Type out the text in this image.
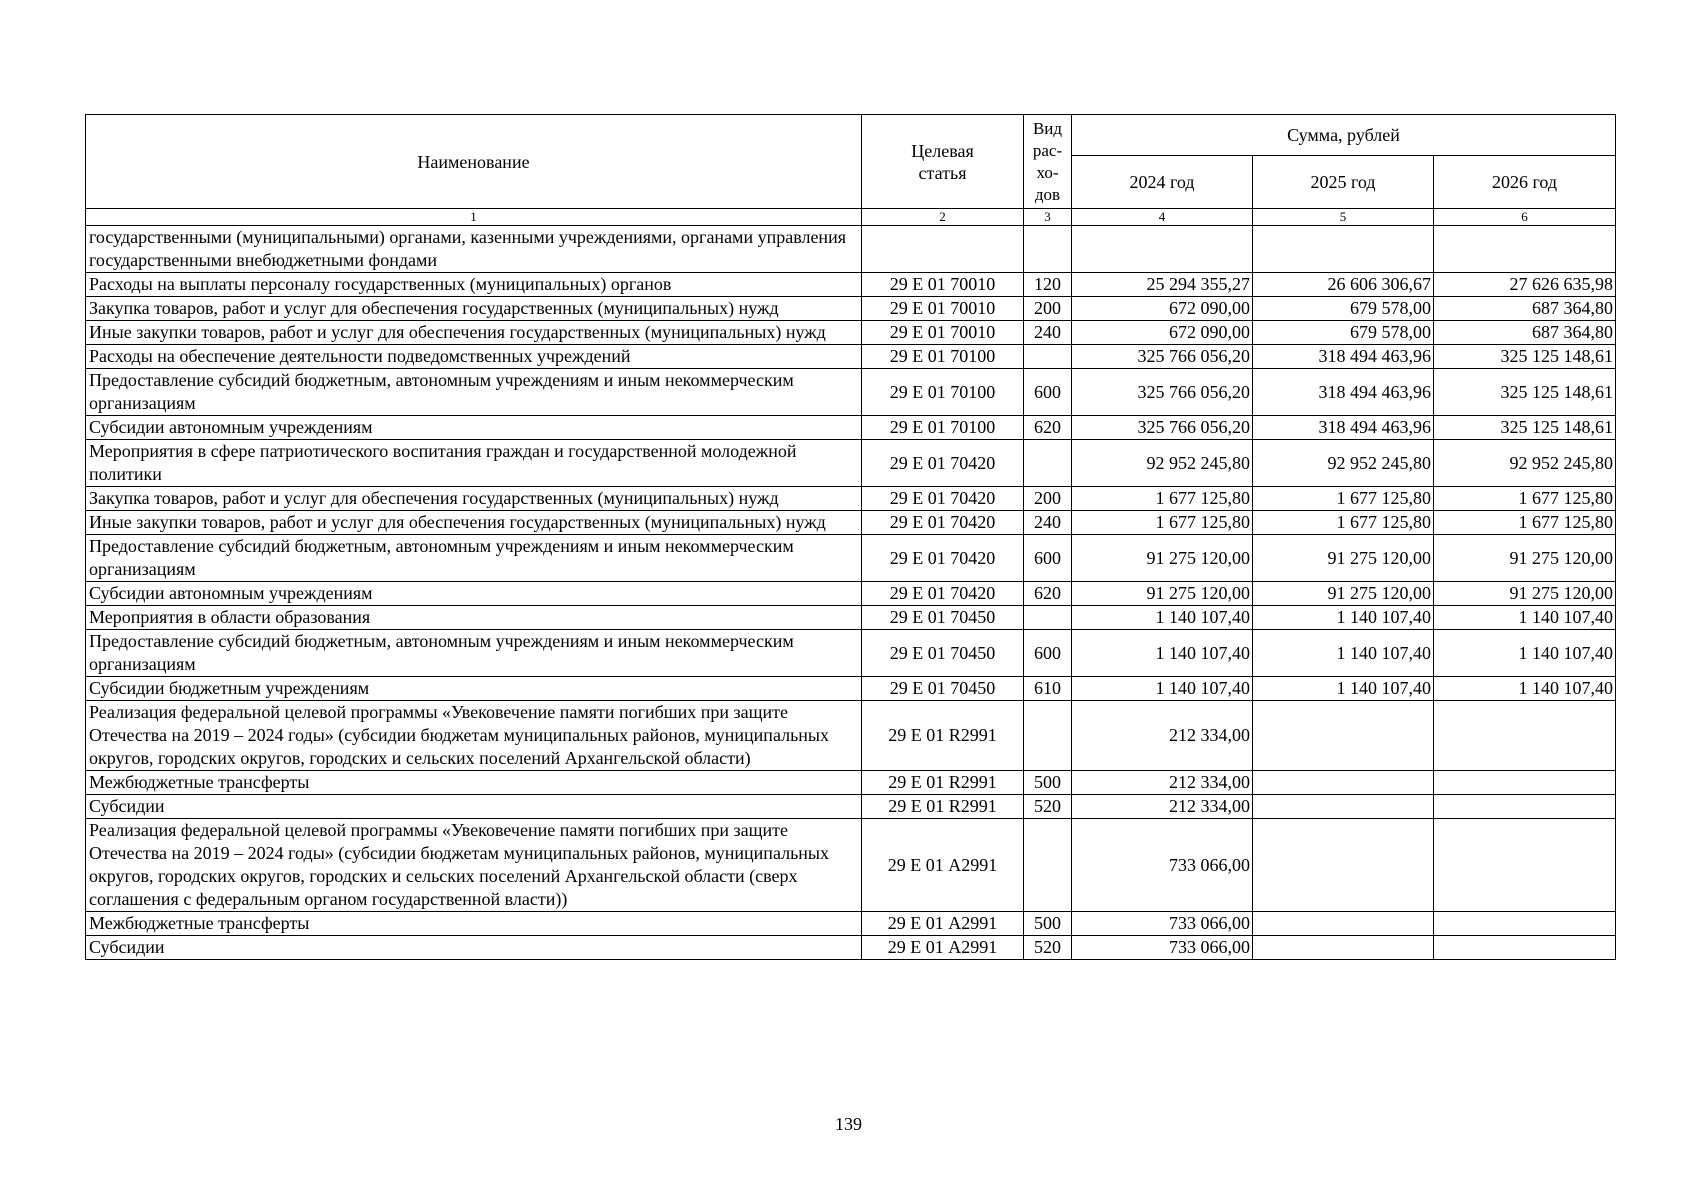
Наименование	Целевая статья	Вид
рас-
хо-
дов	Сумма, рублей		
			2024 год	2025 год	2026 год
1	2	3	4	5	6
государственными (муниципальными) органами, казенными учреждениями, органами управления государственными внебюджетными фондами					
Расходы на выплаты персоналу государственных (муниципальных) органов	29 Е 01 70010	120	25 294 355,27	26 606 306,67	27 626 635,98
Закупка товаров, работ и услуг для обеспечения государственных (муниципальных) нужд	29 Е 01 70010	200	672 090,00	679 578,00	687 364,80
Иные закупки товаров, работ и услуг для обеспечения государственных (муниципальных) нужд	29 Е 01 70010	240	672 090,00	679 578,00	687 364,80
Расходы на обеспечение деятельности подведомственных учреждений	29 Е 01 70100		325 766 056,20	318 494 463,96	325 125 148,61
Предоставление субсидий бюджетным, автономным учреждениям и иным некоммерческим организациям	29 Е 01 70100	600	325 766 056,20	318 494 463,96	325 125 148,61
Субсидии автономным учреждениям	29 Е 01 70100	620	325 766 056,20	318 494 463,96	325 125 148,61
Мероприятия в сфере патриотического воспитания граждан и государственной молодежной политики	29 Е 01 70420		92 952 245,80	92 952 245,80	92 952 245,80
Закупка товаров, работ и услуг для обеспечения государственных (муниципальных) нужд	29 Е 01 70420	200	1 677 125,80	1 677 125,80	1 677 125,80
Иные закупки товаров, работ и услуг для обеспечения государственных (муниципальных) нужд	29 Е 01 70420	240	1 677 125,80	1 677 125,80	1 677 125,80
Предоставление субсидий бюджетным, автономным учреждениям и иным некоммерческим организациям	29 Е 01 70420	600	91 275 120,00	91 275 120,00	91 275 120,00
Субсидии автономным учреждениям	29 Е 01 70420	620	91 275 120,00	91 275 120,00	91 275 120,00
Мероприятия в области образования	29 Е 01 70450		1 140 107,40	1 140 107,40	1 140 107,40
Предоставление субсидий бюджетным, автономным учреждениям и иным некоммерческим организациям	29 Е 01 70450	600	1 140 107,40	1 140 107,40	1 140 107,40
Субсидии бюджетным учреждениям	29 Е 01 70450	610	1 140 107,40	1 140 107,40	1 140 107,40
Реализация федеральной целевой программы «Увековечение памяти погибших при защите Отечества на 2019 – 2024 годы» (субсидии бюджетам муниципальных районов, муниципальных округов, городских округов, городских и сельских поселений Архангельской области)	29 Е 01 R2991		212 334,00		
Межбюджетные трансферты	29 Е 01 R2991	500	212 334,00		
Субсидии	29 Е 01 R2991	520	212 334,00		
Реализация федеральной целевой программы «Увековечение памяти погибших при защите Отечества на 2019 – 2024 годы» (субсидии бюджетам муниципальных районов, муниципальных округов, городских округов, городских и сельских поселений Архангельской области (сверх соглашения с федеральным органом государственной власти))	29 Е 01 А2991		733 066,00		
Межбюджетные трансферты	29 Е 01 А2991	500	733 066,00		
Субсидии	29 Е 01 А2991	520	733 066,00		
139
